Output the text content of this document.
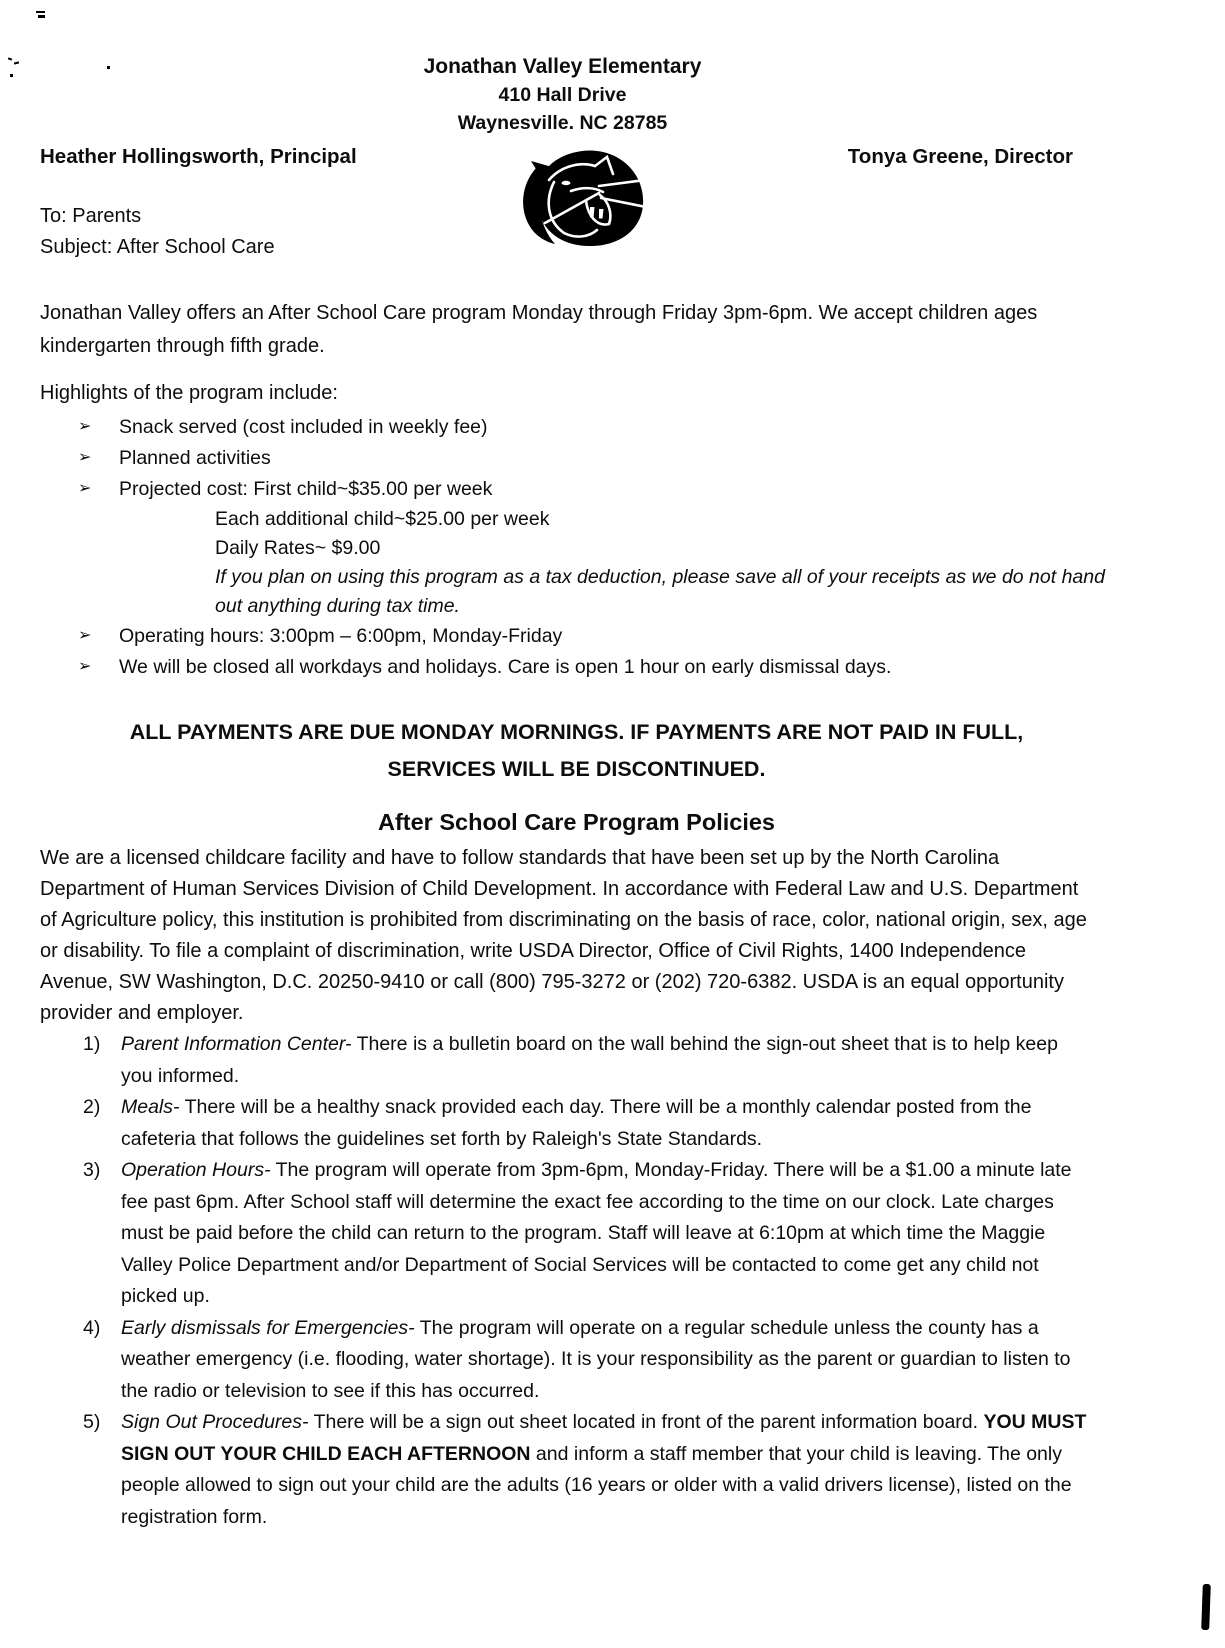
Jonathan Valley Elementary
410 Hall Drive
Waynesville. NC 28785
Heather Hollingsworth, Principal	Tonya Greene, Director
To: Parents
Subject: After School Care

Jonathan Valley offers an After School Care program Monday through Friday 3pm-6pm. We accept children ages kindergarten through fifth grade.

Highlights of the program include:
➢	Snack served (cost included in weekly fee)
➢	Planned activities
➢	Projected cost: First child~$35.00 per week
Each additional child~$25.00 per week
Daily Rates~ $9.00
If you plan on using this program as a tax deduction, please save all of your receipts as we do not hand out anything during tax time.
➢	Operating hours: 3:00pm – 6:00pm, Monday-Friday
➢	We will be closed all workdays and holidays. Care is open 1 hour on early dismissal days.
ALL PAYMENTS ARE DUE MONDAY MORNINGS. IF PAYMENTS ARE NOT PAID IN FULL,
SERVICES WILL BE DISCONTINUED.
After School Care Program Policies

We are a licensed childcare facility and have to follow standards that have been set up by the North Carolina Department of Human Services Division of Child Development. In accordance with Federal Law and U.S. Department of Agriculture policy, this institution is prohibited from discriminating on the basis of race, color, national origin, sex, age or disability. To file a complaint of discrimination, write USDA Director, Office of Civil Rights, 1400 Independence Avenue, SW Washington, D.C. 20250-9410 or call (800) 795-3272 or (202) 720-6382. USDA is an equal opportunity provider and employer.

1)	Parent Information Center- There is a bulletin board on the wall behind the sign-out sheet that is to help keep you informed.
2)	Meals- There will be a healthy snack provided each day. There will be a monthly calendar posted from the cafeteria that follows the guidelines set forth by Raleigh's State Standards.
3)	Operation Hours- The program will operate from 3pm-6pm, Monday-Friday. There will be a $1.00 a minute late fee past 6pm. After School staff will determine the exact fee according to the time on our clock. Late charges must be paid before the child can return to the program. Staff will leave at 6:10pm at which time the Maggie Valley Police Department and/or Department of Social Services will be contacted to come get any child not picked up.
4)	Early dismissals for Emergencies- The program will operate on a regular schedule unless the county has a weather emergency (i.e. flooding, water shortage). It is your responsibility as the parent or guardian to listen to the radio or television to see if this has occurred.
5)	Sign Out Procedures- There will be a sign out sheet located in front of the parent information board. YOU MUST SIGN OUT YOUR CHILD EACH AFTERNOON and inform a staff member that your child is leaving. The only people allowed to sign out your child are the adults (16 years or older with a valid drivers license), listed on the registration form.
